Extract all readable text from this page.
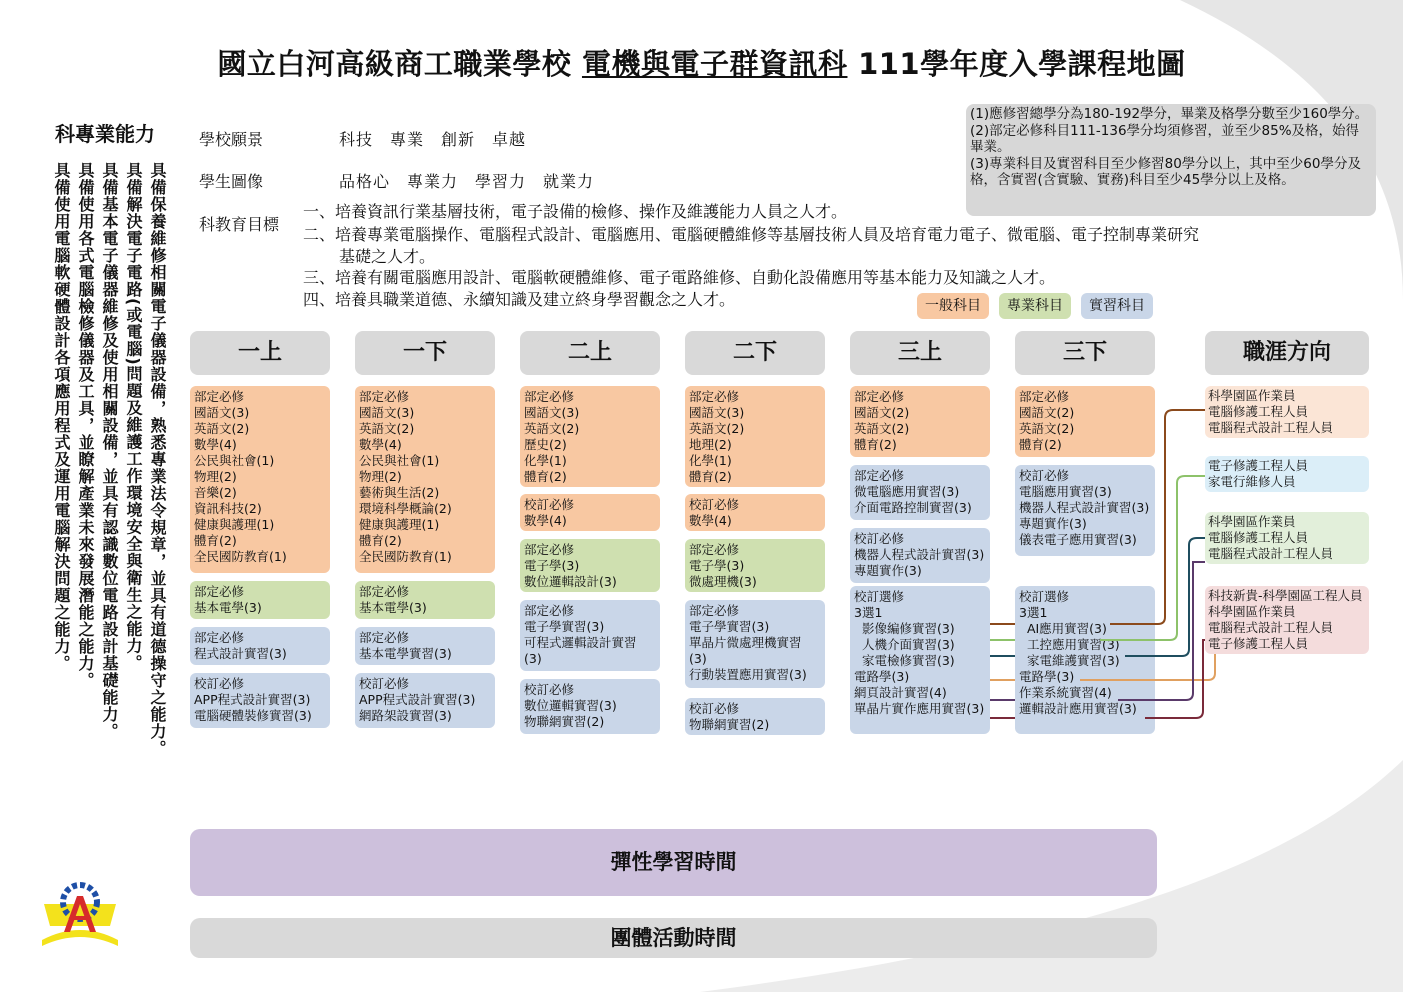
國立白河高級商工職業學校 電機與電子群資訊科 111學年度入學課程地圖
科專業能力
具備保養維修相關電子儀器設備，熟悉專業法令規章，並具有道德操守之能力。
具備解決電子電路(或電腦)問題及維護工作環境安全與衛生之能力。
具備基本電子儀器維修及使用相關設備，並具有認識數位電路設計基礎能力。
具備使用各式電腦檢修儀器及工具，並瞭解產業未來發展潛能之能力。
具備使用電腦軟硬體設計各項應用程式及運用電腦解決問題之能力。
學校願景	科技　專業　創新　卓越
學生圖像	品格心　專業力　學習力　就業力
科教育目標
一、培養資訊行業基層技術，電子設備的檢修、操作及維護能力人員之人才。
二、培養專業電腦操作、電腦程式設計、電腦應用、電腦硬體維修等基層技術人員及培育電力電子、微電腦、電子控制專業研究
基礎之人才。
三、培養有關電腦應用設計、電腦軟硬體維修、電子電路維修、自動化設備應用等基本能力及知識之人才。
四、培養具職業道德、永續知識及建立終身學習觀念之人才。
(1)應修習總學分為180-192學分，畢業及格學分數至少160學分。
(2)部定必修科目111-136學分均須修習，並至少85%及格，始得畢業。
(3)專業科目及實習科目至少修習80學分以上，其中至少60學分及格，含實習(含實驗、實務)科目至少45學分以上及格。
一般科目	專業科目	實習科目
一上	一下	二上	二下	三上	三下	職涯方向
部定必修
國語文(3)
英語文(2)
數學(4)
公民與社會(1)
物理(2)
音樂(2)
資訊科技(2)
健康與護理(1)
體育(2)
全民國防教育(1)
部定必修
基本電學(3)
部定必修
程式設計實習(3)
校訂必修
APP程式設計實習(3)
電腦硬體裝修實習(3)
部定必修
國語文(3)
英語文(2)
數學(4)
公民與社會(1)
物理(2)
藝術與生活(2)
環境科學概論(2)
健康與護理(1)
體育(2)
全民國防教育(1)
部定必修
基本電學(3)
部定必修
基本電學實習(3)
校訂必修
APP程式設計實習(3)
網路架設實習(3)
部定必修
國語文(3)
英語文(2)
歷史(2)
化學(1)
體育(2)
校訂必修
數學(4)
部定必修
電子學(3)
數位邏輯設計(3)
部定必修
電子學實習(3)
可程式邏輯設計實習
(3)
校訂必修
數位邏輯實習(3)
物聯網實習(2)
部定必修
國語文(3)
英語文(2)
地理(2)
化學(1)
體育(2)
校訂必修
數學(4)
部定必修
電子學(3)
微處理機(3)
部定必修
電子學實習(3)
單晶片微處理機實習
(3)
行動裝置應用實習(3)
校訂必修
物聯網實習(2)
部定必修
國語文(2)
英語文(2)
體育(2)
部定必修
微電腦應用實習(3)
介面電路控制實習(3)
校訂必修
機器人程式設計實習(3)
專題實作(3)
校訂選修
3選1
影像編修實習(3)
人機介面實習(3)
家電檢修實習(3)
電路學(3)
網頁設計實習(4)
單晶片實作應用實習(3)
部定必修
國語文(2)
英語文(2)
體育(2)
校訂必修
電腦應用實習(3)
機器人程式設計實習(3)
專題實作(3)
儀表電子應用實習(3)
校訂選修
3選1
AI應用實習(3)
工控應用實習(3)
家電維護實習(3)
電路學(3)
作業系統實習(4)
邏輯設計應用實習(3)
科學園區作業員
電腦修護工程人員
電腦程式設計工程人員
電子修護工程人員
家電行維修人員
科學園區作業員
電腦修護工程人員
電腦程式設計工程人員
科技新貴-科學園區工程人員
科學園區作業員
電腦程式設計工程人員
電子修護工程人員
彈性學習時間
團體活動時間
